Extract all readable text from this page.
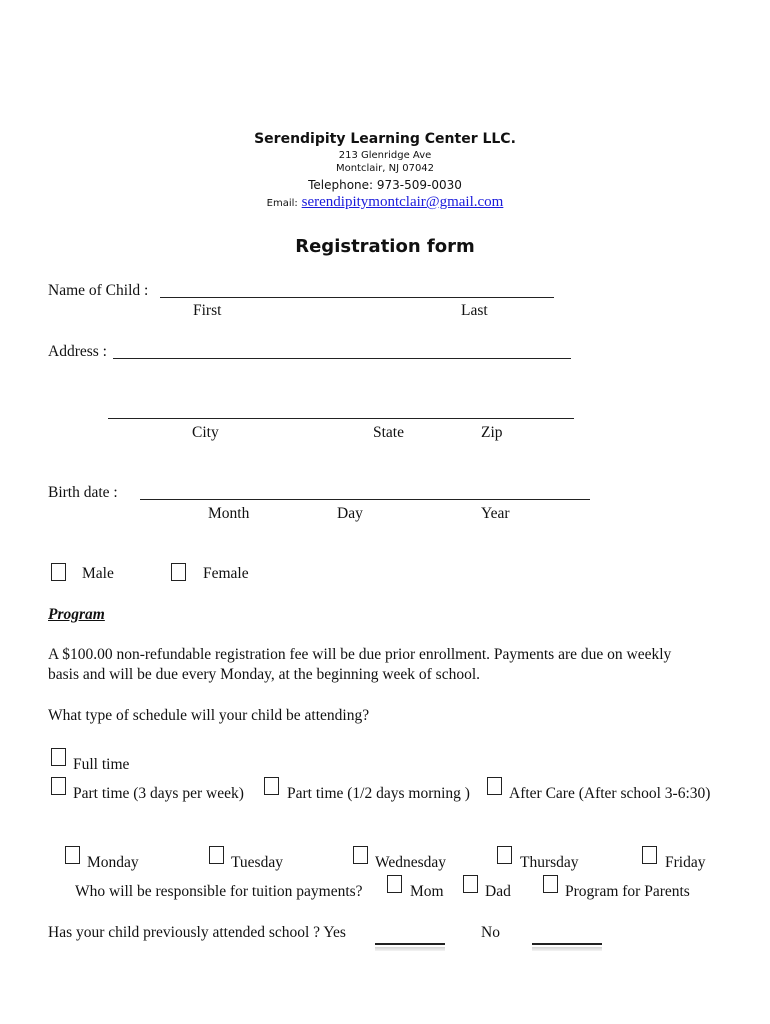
Serendipity Learning Center LLC.
213 Glenridge Ave
Montclair, NJ 07042
Telephone: 973-509-0030
Email: serendipitymontclair@gmail.com
Registration form
Name of Child :
First	Last
Address :
City	State	Zip
Birth date :
Month	Day	Year
Male	Female
Program
A $100.00 non-refundable registration fee will be due prior enrollment. Payments are due on weekly
basis and will be due every Monday, at the beginning week of school.
What type of schedule will your child be attending?
Full time
Part time (3 days per week)	Part time (1/2 days morning )	After Care (After school 3-6:30)
Monday	Tuesday	Wednesday	Thursday	Friday
Who will be responsible for tuition payments?	Mom	Dad	Program for Parents
Has your child previously attended school ? Yes	No
